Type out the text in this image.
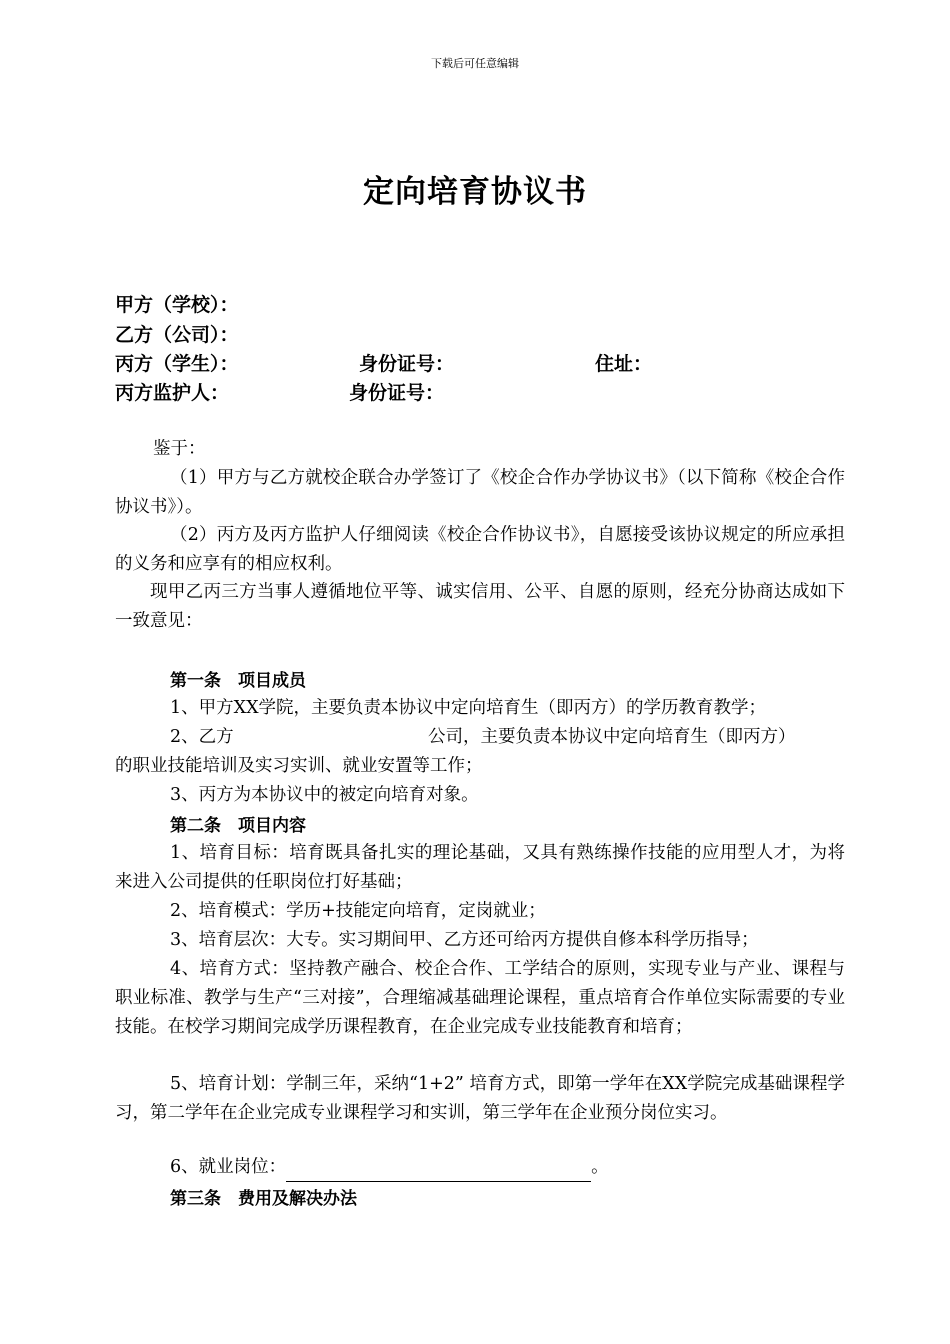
下载后可任意编辑
定向培育协议书
甲方（学校）：
乙方（公司）：
丙方（学生）：	身份证号：	住址：
丙方监护人：	身份证号：
鉴于：
（1）甲方与乙方就校企联合办学签订了《校企合作办学协议书》（以下简称《校企合作协议书》）。
（2）丙方及丙方监护人仔细阅读《校企合作协议书》，自愿接受该协议规定的所应承担的义务和应享有的相应权利。
现甲乙丙三方当事人遵循地位平等、诚实信用、公平、自愿的原则，经充分协商达成如下一致意见：
第一条　项目成员
1、甲方XX学院，主要负责本协议中定向培育生（即丙方）的学历教育教学；
2、乙方	公司，主要负责本协议中定向培育生（即丙方）
的职业技能培训及实习实训、就业安置等工作；
3、丙方为本协议中的被定向培育对象。
第二条　项目内容
1、培育目标：培育既具备扎实的理论基础，又具有熟练操作技能的应用型人才，为将来进入公司提供的任职岗位打好基础；
2、培育模式：学历+技能定向培育，定岗就业；
3、培育层次：大专。实习期间甲、乙方还可给丙方提供自修本科学历指导；
4、培育方式：坚持教产融合、校企合作、工学结合的原则，实现专业与产业、课程与职业标准、教学与生产“三对接”，合理缩减基础理论课程，重点培育合作单位实际需要的专业技能。在校学习期间完成学历课程教育，在企业完成专业技能教育和培育；
5、培育计划：学制三年，采纳“1+2” 培育方式，即第一学年在XX学院完成基础课程学习，第二学年在企业完成专业课程学习和实训，第三学年在企业预分岗位实习。
6、就业岗位：	。
第三条　费用及解决办法
